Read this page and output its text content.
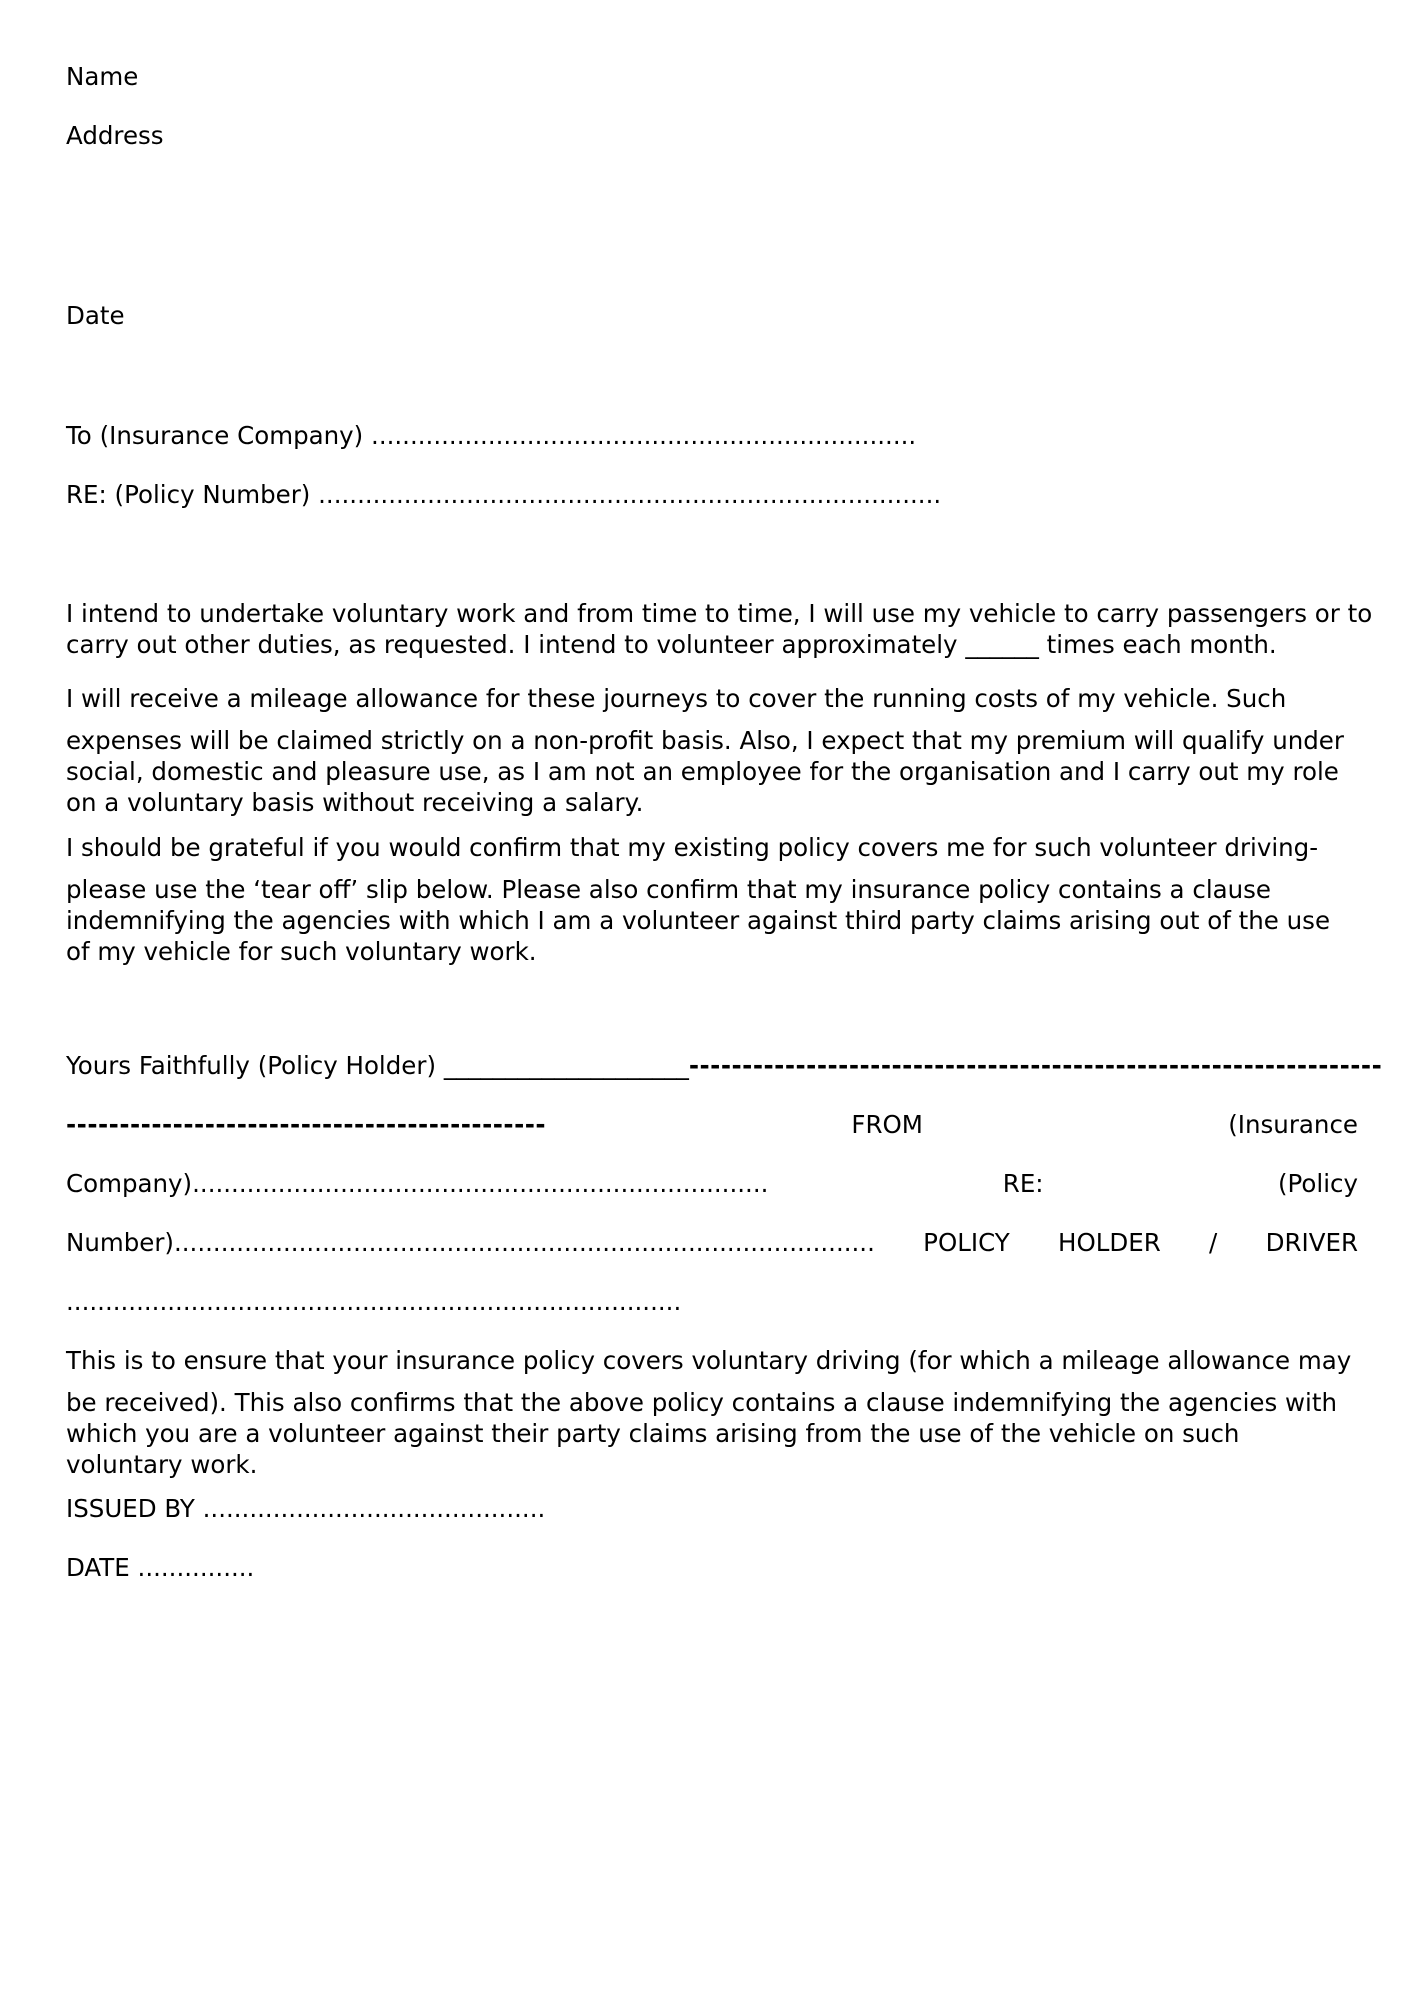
Name
Address
Date
To (Insurance Company) ......................................................................
RE: (Policy Number) ................................................................................
I intend to undertake voluntary work and from time to time, I will use my vehicle to carry passengers or to
carry out other duties, as requested. I intend to volunteer approximately ______ times each month.
I will receive a mileage allowance for these journeys to cover the running costs of my vehicle. Such
expenses will be claimed strictly on a non-profit basis. Also, I expect that my premium will qualify under social, domestic and pleasure use, as I am not an employee for the organisation and I carry out my role on a voluntary basis without receiving a salary.
I should be grateful if you would confirm that my existing policy covers me for such volunteer driving-
please use the ‘tear off’ slip below. Please also confirm that my insurance policy contains a clause indemnifying the agencies with which I am a volunteer against third party claims arising out of the use of my vehicle for such voluntary work.
Yours Faithfully (Policy Holder) ____________________ -----------------------------------------------------------------
---------------------------------------------	FROM	(Insurance
Company)..........................................................................	RE:	(Policy
Number).......................................................................................... POLICY HOLDER / DRIVER
...............................................................................
This is to ensure that your insurance policy covers voluntary driving (for which a mileage allowance may
be received). This also confirms that the above policy contains a clause indemnifying the agencies with which you are a volunteer against their party claims arising from the use of the vehicle on such voluntary work.
ISSUED BY ............................................
DATE ...............
